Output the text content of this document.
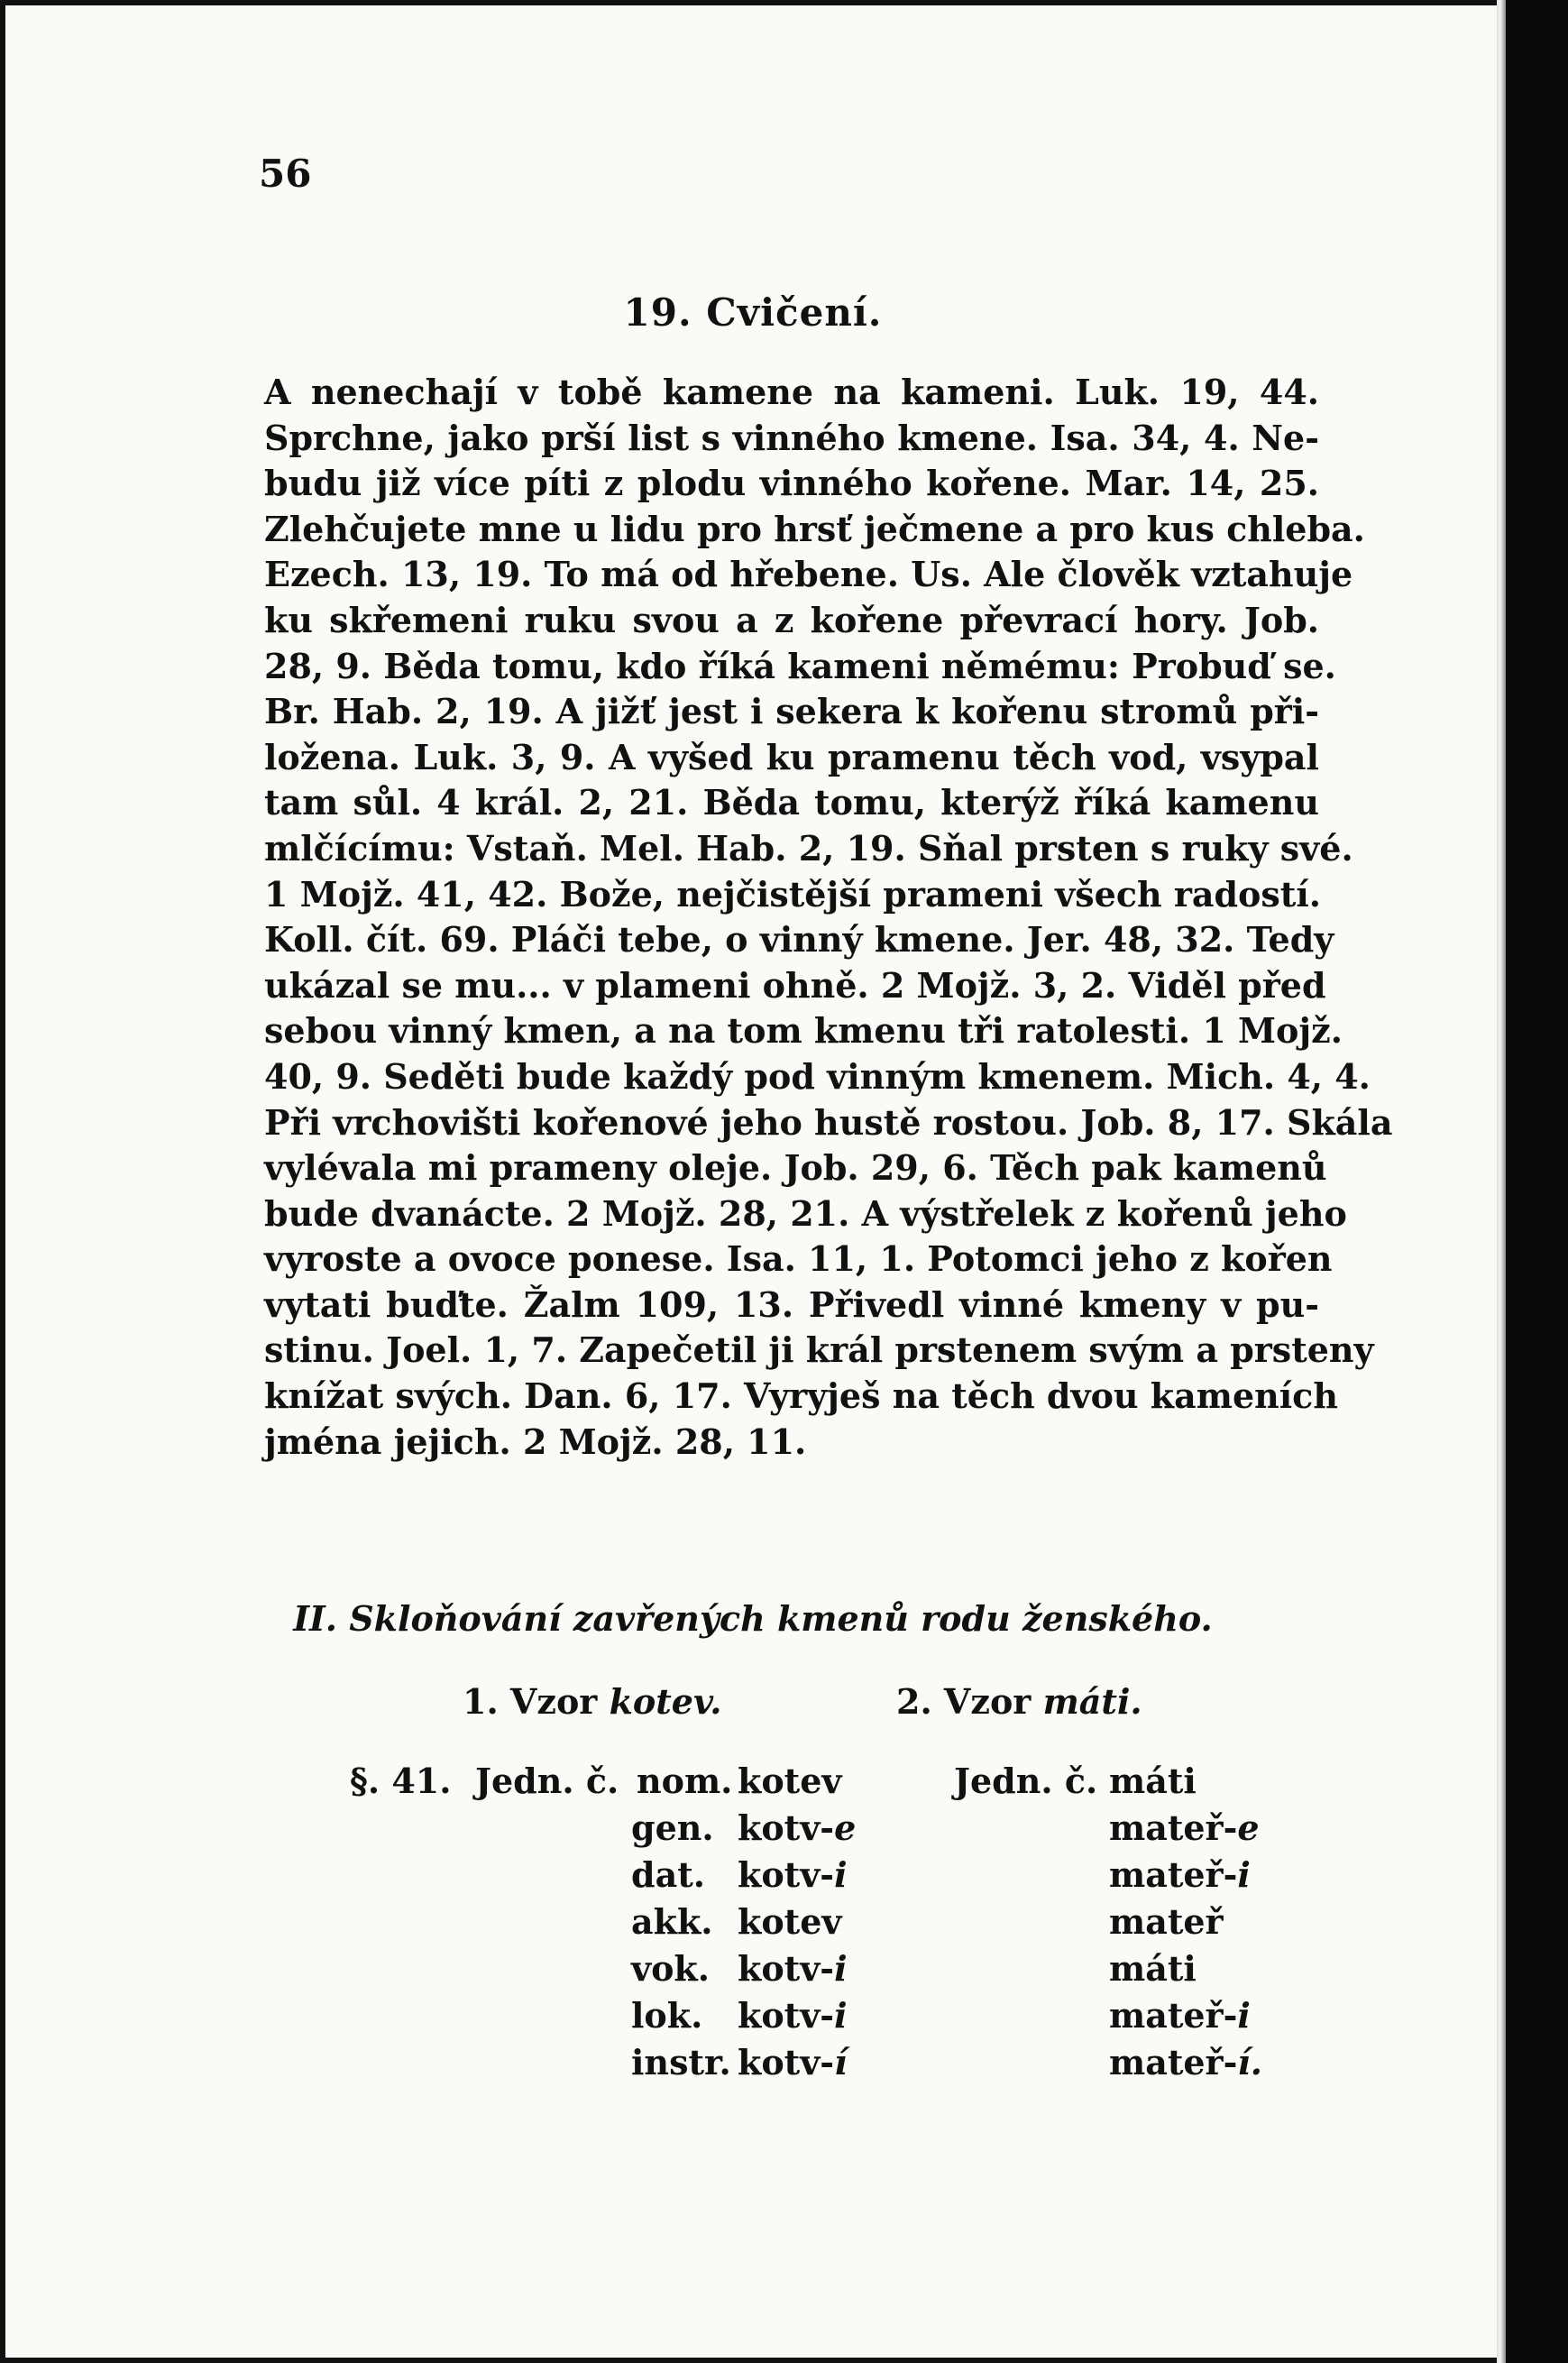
56
19. Cvičení.
A nenechají v tobě kamene na kameni. Luk. 19, 44.
Sprchne, jako prší list s vinného kmene. Isa. 34, 4. Ne-
budu již více píti z plodu vinného kořene. Mar. 14, 25.
Zlehčujete mne u lidu pro hrsť ječmene a pro kus chleba.
Ezech. 13, 19. To má od hřebene. Us. Ale člověk vztahuje
ku skřemeni ruku svou a z kořene převrací hory. Job.
28, 9. Běda tomu, kdo říká kameni němému: Probuď se.
Br. Hab. 2, 19. A jižť jest i sekera k kořenu stromů při-
ložena. Luk. 3, 9. A vyšed ku pramenu těch vod, vsypal
tam sůl. 4 král. 2, 21. Běda tomu, kterýž říká kamenu
mlčícímu: Vstaň. Mel. Hab. 2, 19. Sňal prsten s ruky své.
1 Mojž. 41, 42. Bože, nejčistější prameni všech radostí.
Koll. čít. 69. Pláči tebe, o vinný kmene. Jer. 48, 32. Tedy
ukázal se mu... v plameni ohně. 2 Mojž. 3, 2. Viděl před
sebou vinný kmen, a na tom kmenu tři ratolesti. 1 Mojž.
40, 9. Seděti bude každý pod vinným kmenem. Mich. 4, 4.
Při vrchovišti kořenové jeho hustě rostou. Job. 8, 17. Skála
vylévala mi prameny oleje. Job. 29, 6. Těch pak kamenů
bude dvanácte. 2 Mojž. 28, 21. A výstřelek z kořenů jeho
vyroste a ovoce ponese. Isa. 11, 1. Potomci jeho z kořen
vytati buďte. Žalm 109, 13. Přivedl vinné kmeny v pu-
stinu. Joel. 1, 7. Zapečetil ji král prstenem svým a prsteny
knížat svých. Dan. 6, 17. Vyryješ na těch dvou kameních
jména jejich. 2 Mojž. 28, 11.
II. Skloňování zavřených kmenů rodu ženského.
1. Vzor kotev.	2. Vzor máti.
§. 41. Jedn. č.	Jedn. č.
nom. kotev	máti
gen. kotv-e	mateř-e
dat. kotv-i	mateř-i
akk. kotev	mateř
vok. kotv-i	máti
lok. kotv-i	mateř-i
instr. kotv-í	mateř-í.
